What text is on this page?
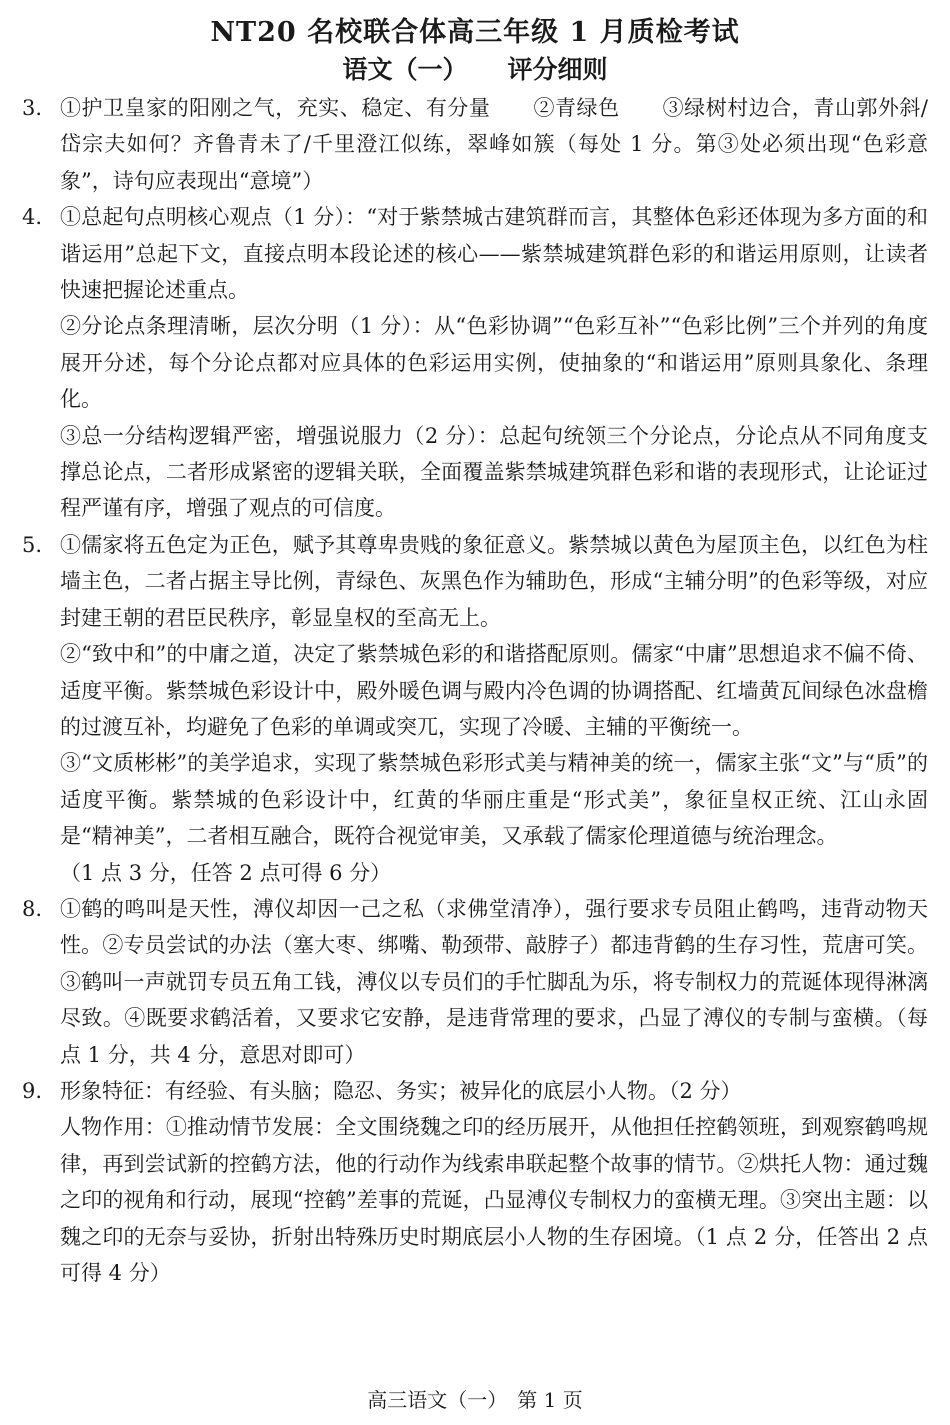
NT20 名校联合体高三年级 1 月质检考试
语文（一） 评分细则
3. ①护卫皇家的阳刚之气，充实、稳定、有分量　　②青绿色　　③绿树村边合，青山郭外斜/岱宗夫如何？齐鲁青未了/千里澄江似练，翠峰如簇（每处 1 分。第③处必须出现“色彩意象”，诗句应表现出“意境”）

4. ①总起句点明核心观点（1 分）：“对于紫禁城古建筑群而言，其整体色彩还体现为多方面的和谐运用”总起下文，直接点明本段论述的核心——紫禁城建筑群色彩的和谐运用原则，让读者快速把握论述重点。

②分论点条理清晰，层次分明（1 分）：从“色彩协调”“色彩互补”“色彩比例”三个并列的角度展开分述，每个分论点都对应具体的色彩运用实例，使抽象的“和谐运用”原则具象化、条理化。

③总一分结构逻辑严密，增强说服力（2 分）：总起句统领三个分论点，分论点从不同角度支撑总论点，二者形成紧密的逻辑关联，全面覆盖紫禁城建筑群色彩和谐的表现形式，让论证过程严谨有序，增强了观点的可信度。

5. ①儒家将五色定为正色，赋予其尊卑贵贱的象征意义。紫禁城以黄色为屋顶主色，以红色为柱墙主色，二者占据主导比例，青绿色、灰黑色作为辅助色，形成“主辅分明”的色彩等级，对应封建王朝的君臣民秩序，彰显皇权的至高无上。

②“致中和”的中庸之道，决定了紫禁城色彩的和谐搭配原则。儒家“中庸”思想追求不偏不倚、适度平衡。紫禁城色彩设计中，殿外暖色调与殿内冷色调的协调搭配、红墙黄瓦间绿色冰盘檐的过渡互补，均避免了色彩的单调或突兀，实现了冷暖、主辅的平衡统一。

③“文质彬彬”的美学追求，实现了紫禁城色彩形式美与精神美的统一，儒家主张“文”与“质”的适度平衡。紫禁城的色彩设计中，红黄的华丽庄重是“形式美”，象征皇权正统、江山永固是“精神美”，二者相互融合，既符合视觉审美，又承载了儒家伦理道德与统治理念。

（1 点 3 分，任答 2 点可得 6 分）

8. ①鹤的鸣叫是天性，溥仪却因一己之私（求佛堂清净），强行要求专员阻止鹤鸣，违背动物天性。②专员尝试的办法（塞大枣、绑嘴、勒颈带、敲脖子）都违背鹤的生存习性，荒唐可笑。③鹤叫一声就罚专员五角工钱，溥仪以专员们的手忙脚乱为乐，将专制权力的荒诞体现得淋漓尽致。④既要求鹤活着，又要求它安静，是违背常理的要求，凸显了溥仪的专制与蛮横。（每点 1 分，共 4 分，意思对即可）

9. 形象特征：有经验、有头脑；隐忍、务实；被异化的底层小人物。（2 分）

人物作用：①推动情节发展：全文围绕魏之印的经历展开，从他担任控鹤领班，到观察鹤鸣规律，再到尝试新的控鹤方法，他的行动作为线索串联起整个故事的情节。②烘托人物：通过魏之印的视角和行动，展现“控鹤”差事的荒诞，凸显溥仪专制权力的蛮横无理。③突出主题：以魏之印的无奈与妥协，折射出特殊历史时期底层小人物的生存困境。（1 点 2 分，任答出 2 点可得 4 分）

高三语文（一）　第 1 页
